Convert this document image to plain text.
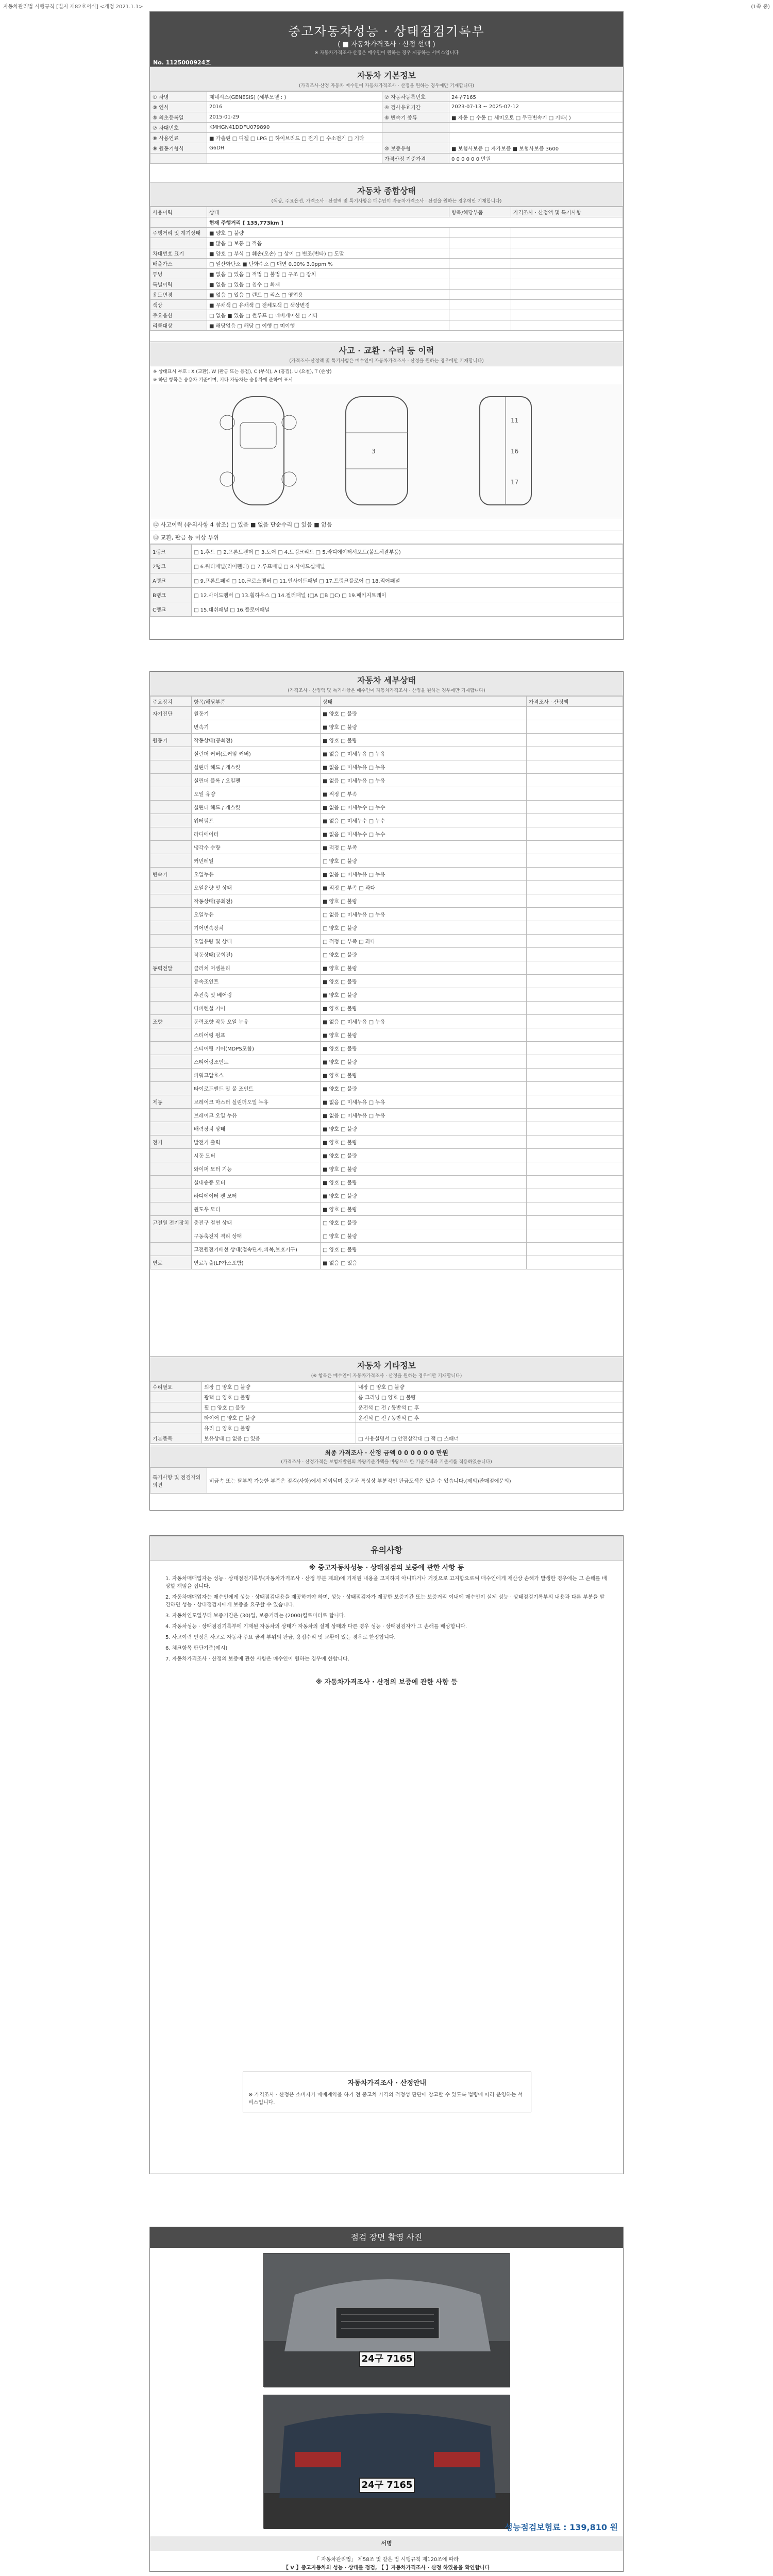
자동차관리법 시행규칙 [별지 제82호서식] <개정 2021.1.1>	(1쪽 중)
중고자동차성능 · 상태점검기록부
( ■ 자동차가격조사 · 산정 선택 )
※ 자동차가격조사·산정은 매수인이 원하는 경우 제공하는 서비스입니다
No. 1125000924호
자동차 기본정보
(가격조사·산정 자동차 매수인이 자동차가격조사 · 산정을 원하는 경우에만 기재합니다)
① 차명	제네시스(GENESIS) (세부모델 : )	② 자동차등록번호	24구7165
③ 연식	2016	④ 검사유효기간	2023-07-13 ~ 2025-07-12
⑤ 최초등록일	2015-01-29	⑥ 변속기 종류	■ 자동 □ 수동 □ 세미오토 □ 무단변속기 □ 기타( )
⑦ 차대번호	KMHGN41DDFU079890		
⑧ 사용연료	■ 가솔린 □ 디젤 □ LPG □ 하이브리드 □ 전기 □ 수소전기 □ 기타		
⑨ 원동기형식	G6DH	⑩ 보증유형	■ 보험사보증 □ 자가보증 ■ 보험사보증 3600
		가격산정 기준가격	0 0 0 0 0 0 만원
자동차 종합상태
(색상, 주요옵션, 가격조사 · 산정액 및 특기사항은 매수인이 자동차가격조사 · 산정을 원하는 경우에만 기재합니다)
사용이력	상태	항목/해당부품	가격조사 · 산정액 및 특기사항
	현재 주행거리 [ 135,773km ]		
주행거리 및 계기상태	■ 양호 □ 불량		
	■ 많음 □ 보통 □ 적음		
차대번호 표기	■ 양호 □ 부식 □ 훼손(오손) □ 상이 □ 변조(변타) □ 도말		
배출가스	□ 일산화탄소 ■ 탄화수소 □ 매연 0.00% 3.0ppm %		
튜닝	■ 없음 □ 있음 □ 적법 □ 불법 □ 구조 □ 장치		
특별이력	■ 없음 □ 있음 □ 침수 □ 화재		
용도변경	■ 없음 □ 있음 □ 렌트 □ 리스 □ 영업용		
색상	■ 무채색 □ 유채색 □ 전체도색 □ 색상변경		
주요옵션	□ 없음 ■ 있음 □ 썬루프 □ 네비게이션 □ 기타		
리콜대상	■ 해당없음 □ 해당 □ 이행 □ 미이행		
사고 · 교환 · 수리 등 이력
(가격조사·산정액 및 특기사항은 매수인이 자동차가격조사 · 산정을 원하는 경우에만 기재합니다)
※ 상태표시 부호 : X (교환), W (판금 또는 용접), C (부식), A (흠집), U (요철), T (손상)
※ 하단 항목은 승용차 기준이며, 기타 자동차는 승용차에 준하여 표시
3
11
16
17
⑫ 사고이력 (유의사항 4 참조) □ 있음 ■ 없음 단순수리 □ 있음 ■ 없음
⑬ 교환, 판금 등 이상 부위
1랭크	□ 1.후드 □ 2.프론트펜더 □ 3.도어 □ 4.트렁크리드 □ 5.라디에이터서포트(볼트체결부품)
2랭크	□ 6.쿼터패널(리어펜더) □ 7.루프패널 □ 8.사이드실패널
A랭크	□ 9.프론트패널 □ 10.크로스멤버 □ 11.인사이드패널 □ 17.트렁크플로어 □ 18.리어패널
B랭크	□ 12.사이드멤버 □ 13.휠하우스 □ 14.필러패널 (□A □B □C) □ 19.패키지트레이
C랭크	□ 15.대쉬패널 □ 16.플로어패널
자동차 세부상태
(가격조사 · 산정액 및 특기사항은 매수인이 자동차가격조사 · 산정을 원하는 경우에만 기재합니다)
주요장치	항목/해당부품	상태	가격조사 · 산정액
자기진단	원동기	■ 양호 □ 불량	
	변속기	■ 양호 □ 불량	
원동기	작동상태(공회전)	■ 양호 □ 불량	
	실린더 커버(로커암 커버)	■ 없음 □ 미세누유 □ 누유	
	실린더 헤드 / 개스킷	■ 없음 □ 미세누유 □ 누유	
	실린더 블록 / 오일팬	■ 없음 □ 미세누유 □ 누유	
	오일 유량	■ 적정 □ 부족	
	실린더 헤드 / 개스킷	■ 없음 □ 미세누수 □ 누수	
	워터펌프	■ 없음 □ 미세누수 □ 누수	
	라디에이터	■ 없음 □ 미세누수 □ 누수	
	냉각수 수량	■ 적정 □ 부족	
	커먼레일	□ 양호 □ 불량	
변속기	오일누유	■ 없음 □ 미세누유 □ 누유	
	오일유량 및 상태	■ 적정 □ 부족 □ 과다	
	작동상태(공회전)	■ 양호 □ 불량	
	오일누유	□ 없음 □ 미세누유 □ 누유	
	기어변속장치	□ 양호 □ 불량	
	오일유량 및 상태	□ 적정 □ 부족 □ 과다	
	작동상태(공회전)	□ 양호 □ 불량	
동력전달	클러치 어셈블리	■ 양호 □ 불량	
	등속조인트	■ 양호 □ 불량	
	추진축 및 베어링	■ 양호 □ 불량	
	디퍼렌셜 기어	■ 양호 □ 불량	
조향	동력조향 작동 오일 누유	■ 없음 □ 미세누유 □ 누유	
	스티어링 펌프	■ 양호 □ 불량	
	스티어링 기어(MDPS포함)	■ 양호 □ 불량	
	스티어링조인트	■ 양호 □ 불량	
	파워고압호스	■ 양호 □ 불량	
	타이로드엔드 및 볼 조인트	■ 양호 □ 불량	
제동	브레이크 마스터 실린더오일 누유	■ 없음 □ 미세누유 □ 누유	
	브레이크 오일 누유	■ 없음 □ 미세누유 □ 누유	
	배력장치 상태	■ 양호 □ 불량	
전기	발전기 출력	■ 양호 □ 불량	
	시동 모터	■ 양호 □ 불량	
	와이퍼 모터 기능	■ 양호 □ 불량	
	실내송풍 모터	■ 양호 □ 불량	
	라디에이터 팬 모터	■ 양호 □ 불량	
	윈도우 모터	■ 양호 □ 불량	
고전원 전기장치	충전구 절연 상태	□ 양호 □ 불량	
	구동축전지 격리 상태	□ 양호 □ 불량	
	고전원전기배선 상태(접속단자,피복,보호기구)	□ 양호 □ 불량	
연료	연료누출(LP가스포함)	■ 없음 □ 있음	
자동차 기타정보
(※ 항목은 매수인이 자동차가격조사 · 산정을 원하는 경우에만 기재합니다)
수리필요	외장 □ 양호 □ 불량	내장 □ 양호 □ 불량
	광택 □ 양호 □ 불량	룸 크리닝 □ 양호 □ 불량
	휠 □ 양호 □ 불량	운전석 □ 전 / 동반석 □ 후
	타이어 □ 양호 □ 불량	운전석 □ 전 / 동반석 □ 후
	유리 □ 양호 □ 불량	
기본품목	보유상태 □ 없음 □ 있음	□ 사용설명서 □ 안전삼각대 □ 잭 □ 스패너
최종 가격조사 · 산정 금액 0 0 0 0 0 0 만원
(가격조사 · 산정가격은 보험개발원의 차량기준가액을 바탕으로 한 기준가격과 기준서를 적용하였습니다)
특기사항 및 점검자의 의견	비금속 또는 탈부착 가능한 부품은 점검(사항)에서 제외되며 중고차 특성상 부분적인 판금도색은 있을 수 있습니다.(제외)판매점에문의)
유의사항

※ 중고자동차성능 · 상태점검의 보증에 관한 사항 등

1. 자동차매매업자는 성능 · 상태점검기록부(자동차가격조사 · 산정 부분 제외)에 기재된 내용을 고지하지 아니하거나 거짓으로 고지함으로써 매수인에게 재산상 손해가 발생한 경우에는 그 손해를 배상할 책임을 집니다.

2. 자동차매매업자는 매수인에게 성능 · 상태점검내용을 제공하여야 하며, 성능 · 상태점검자가 제공한 보증기간 또는 보증거리 이내에 매수인이 실제 성능 · 상태점검기록부의 내용과 다른 부분을 발견하면 성능 · 상태점검자에게 보증을 요구할 수 있습니다.

3. 자동차인도일부터 보증기간은 (30)일, 보증거리는 (2000)킬로미터로 합니다.

4. 자동차성능 · 상태점검기록부에 기재된 자동차의 상태가 자동차의 실제 상태와 다른 경우 성능 · 상태점검자가 그 손해를 배상합니다.

5. 사고이력 인정은 사고로 자동차 주요 골격 부위의 판금, 용접수리 및 교환이 있는 경우로 한정합니다.

6. 체크항목 판단기준(예시)

7. 자동차가격조사 · 산정의 보증에 관한 사항은 매수인이 원하는 경우에 한합니다.

※ 자동차가격조사 · 산정의 보증에 관한 사항 등

자동차가격조사 · 산정안내
※ 가격조사 · 산정은 소비자가 매매계약을 하기 전 중고차 가격의 적정성 판단에 참고할 수 있도록 법령에 따라 운영하는 서비스입니다.
점검 장면 촬영 사진
24구 7165
24구 7165
서명
성능점검보험료 : 139,810 원
「 자동차관리법」 제58조 및 같은 법 시행규칙 제120조에 따라
【 V 】중고자동차의 성능 · 상태를 점검, 【 】자동차가격조사 · 산정 하였음을 확인합니다
